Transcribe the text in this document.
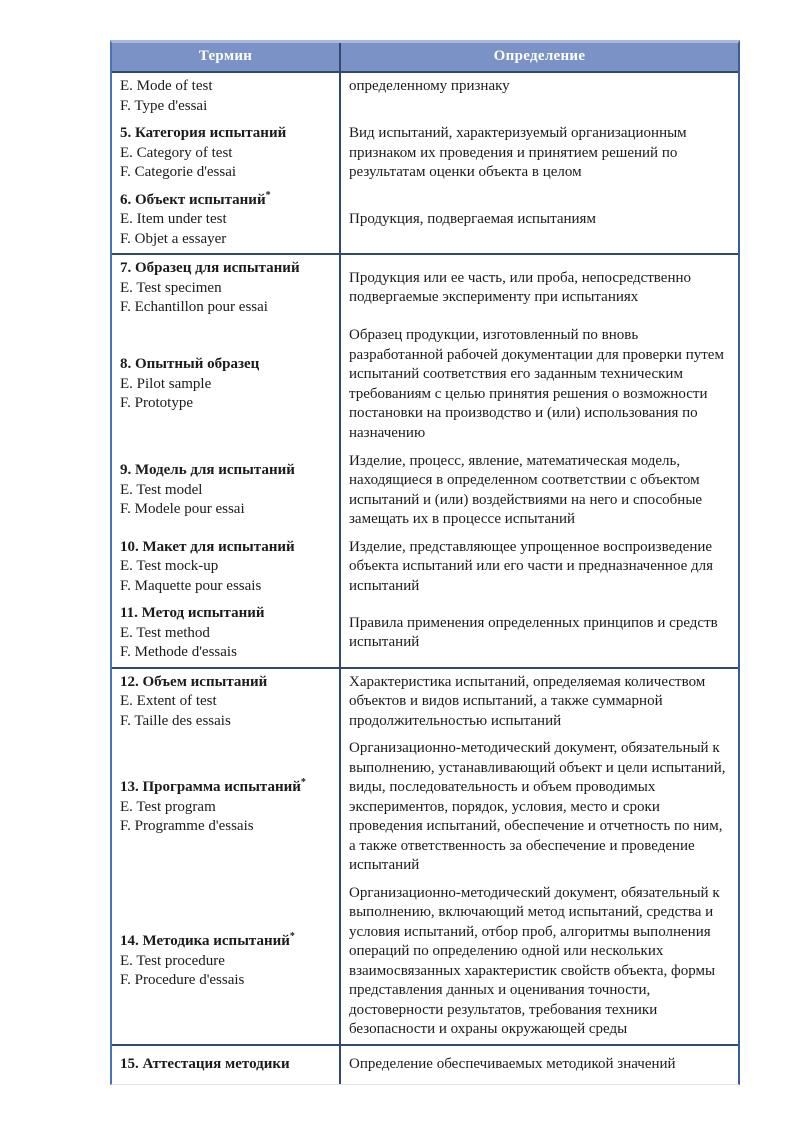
Термин	Определение
E. Mode of test
F. Type d'essai
определенному признаку
5. Категория испытаний
E. Category of test
F. Categorie d'essai
Вид испытаний, характеризуемый организационным признаком их проведения и принятием решений по результатам оценки объекта в целом
6. Объект испытаний*
E. Item under test
F. Objet a essayer
Продукция, подвергаемая испытаниям
7. Образец для испытаний
E. Test specimen
F. Echantillon pour essai
Продукция или ее часть, или проба, непосредственно подвергаемые эксперименту при испытаниях
8. Опытный образец
E. Pilot sample
F. Prototype
Образец продукции, изготовленный по вновь разработанной рабочей документации для проверки путем испытаний соответствия его заданным техническим требованиям с целью принятия решения о возможности постановки на производство и (или) использования по назначению
9. Модель для испытаний
E. Test model
F. Modele pour essai
Изделие, процесс, явление, математическая модель, находящиеся в определенном соответствии с объектом испытаний и (или) воздействиями на него и способные замещать их в процессе испытаний
10. Макет для испытаний
E. Test mock-up
F. Maquette pour essais
Изделие, представляющее упрощенное воспроизведение объекта испытаний или его части и предназначенное для испытаний
11. Метод испытаний
E. Test method
F. Methode d'essais
Правила применения определенных принципов и средств испытаний
12. Объем испытаний
E. Extent of test
F. Taille des essais
Характеристика испытаний, определяемая количеством объектов и видов испытаний, а также суммарной продолжительностью испытаний
13. Программа испытаний*
E. Test program
F. Programme d'essais
Организационно-методический документ, обязательный к выполнению, устанавливающий объект и цели испытаний, виды, последовательность и объем проводимых экспериментов, порядок, условия, место и сроки проведения испытаний, обеспечение и отчетность по ним, а также ответственность за обеспечение и проведение испытаний
14. Методика испытаний*
E. Test procedure
F. Procedure d'essais
Организационно-методический документ, обязательный к выполнению, включающий метод испытаний, средства и условия испытаний, отбор проб, алгоритмы выполнения операций по определению одной или нескольких взаимосвязанных характеристик свойств объекта, формы представления данных и оценивания точности, достоверности результатов, требования техники безопасности и охраны окружающей среды
15. Аттестация методики	Определение обеспечиваемых методикой значений
